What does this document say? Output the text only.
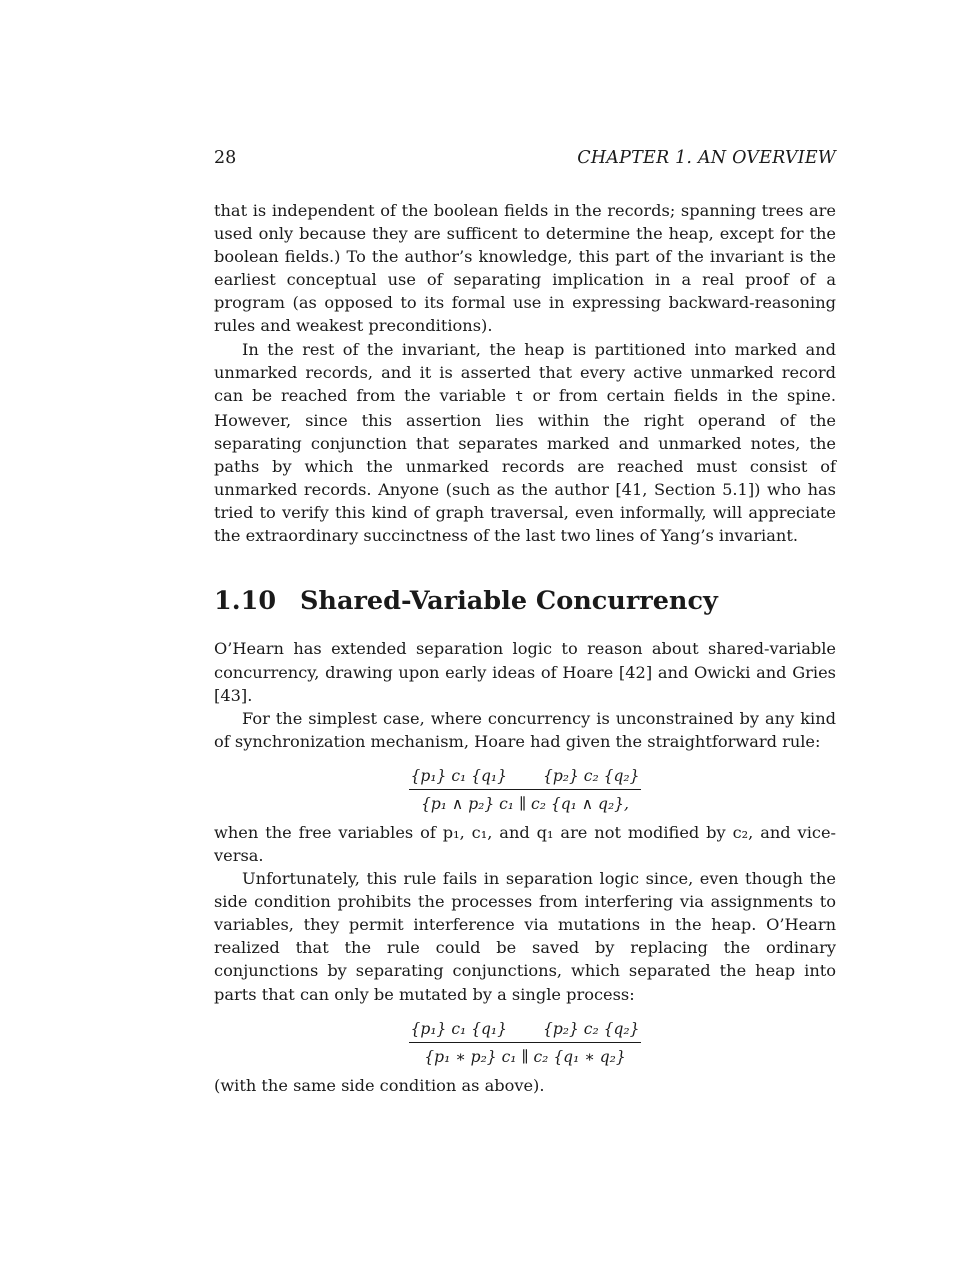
28	CHAPTER 1. AN OVERVIEW

that is independent of the boolean fields in the records; spanning trees are used only because they are sufficent to determine the heap, except for the boolean fields.) To the author’s knowledge, this part of the invariant is the earliest conceptual use of separating implication in a real proof of a program (as opposed to its formal use in expressing backward-reasoning rules and weakest preconditions).

In the rest of the invariant, the heap is partitioned into marked and unmarked records, and it is asserted that every active unmarked record can be reached from the variable t or from certain fields in the spine. However, since this assertion lies within the right operand of the separating conjunction that separates marked and unmarked notes, the paths by which the unmarked records are reached must consist of unmarked records. Anyone (such as the author [41, Section 5.1]) who has tried to verify this kind of graph traversal, even informally, will appreciate the extraordinary succinctness of the last two lines of Yang’s invariant.

1.10 Shared-Variable Concurrency

O’Hearn has extended separation logic to reason about shared-variable concurrency, drawing upon early ideas of Hoare [42] and Owicki and Gries [43].

For the simplest case, where concurrency is unconstrained by any kind of synchronization mechanism, Hoare had given the straightforward rule:

{p₁} c₁ {q₁} {p₂} c₂ {q₂}
{p₁ ∧ p₂} c₁ ∥ c₂ {q₁ ∧ q₂},

when the free variables of p₁, c₁, and q₁ are not modified by c₂, and vice-versa.

Unfortunately, this rule fails in separation logic since, even though the side condition prohibits the processes from interfering via assignments to variables, they permit interference via mutations in the heap. O’Hearn realized that the rule could be saved by replacing the ordinary conjunctions by separating conjunctions, which separated the heap into parts that can only be mutated by a single process:

{p₁} c₁ {q₁} {p₂} c₂ {q₂}
{p₁ ∗ p₂} c₁ ∥ c₂ {q₁ ∗ q₂}

(with the same side condition as above).
